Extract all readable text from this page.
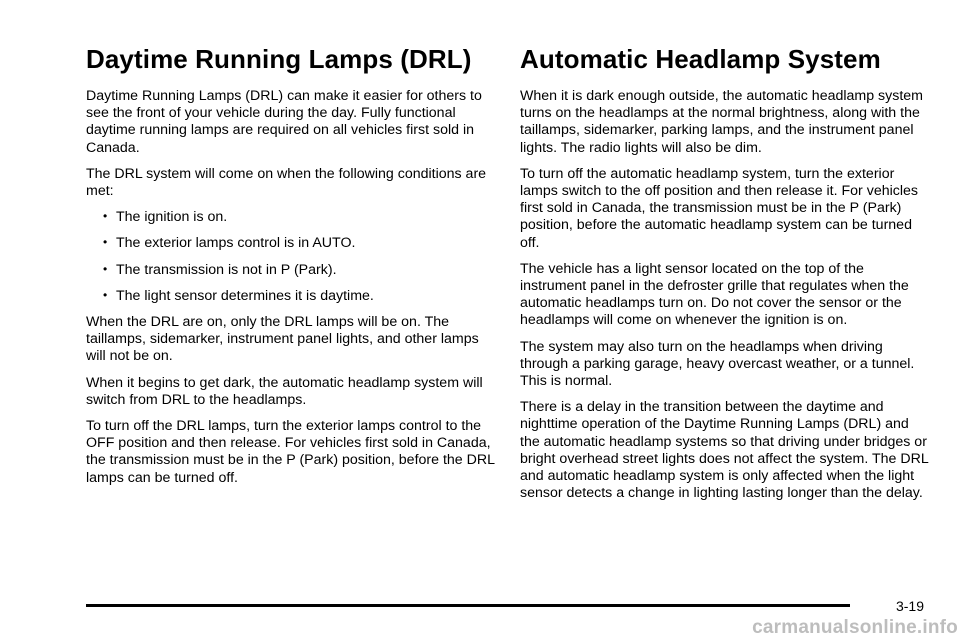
Daytime Running Lamps (DRL)

Daytime Running Lamps (DRL) can make it easier for others to see the front of your vehicle during the day. Fully functional daytime running lamps are required on all vehicles first sold in Canada.

The DRL system will come on when the following conditions are met:

• The ignition is on.
• The exterior lamps control is in AUTO.
• The transmission is not in P (Park).
• The light sensor determines it is daytime.

When the DRL are on, only the DRL lamps will be on. The taillamps, sidemarker, instrument panel lights, and other lamps will not be on.

When it begins to get dark, the automatic headlamp system will switch from DRL to the headlamps.

To turn off the DRL lamps, turn the exterior lamps control to the OFF position and then release. For vehicles first sold in Canada, the transmission must be in the P (Park) position, before the DRL lamps can be turned off.

Automatic Headlamp System

When it is dark enough outside, the automatic headlamp system turns on the headlamps at the normal brightness, along with the taillamps, sidemarker, parking lamps, and the instrument panel lights. The radio lights will also be dim.

To turn off the automatic headlamp system, turn the exterior lamps switch to the off position and then release it. For vehicles first sold in Canada, the transmission must be in the P (Park) position, before the automatic headlamp system can be turned off.

The vehicle has a light sensor located on the top of the instrument panel in the defroster grille that regulates when the automatic headlamps turn on. Do not cover the sensor or the headlamps will come on whenever the ignition is on.

The system may also turn on the headlamps when driving through a parking garage, heavy overcast weather, or a tunnel. This is normal.

There is a delay in the transition between the daytime and nighttime operation of the Daytime Running Lamps (DRL) and the automatic headlamp systems so that driving under bridges or bright overhead street lights does not affect the system. The DRL and automatic headlamp system is only affected when the light sensor detects a change in lighting lasting longer than the delay.

3-19
carmanualsonline.info
